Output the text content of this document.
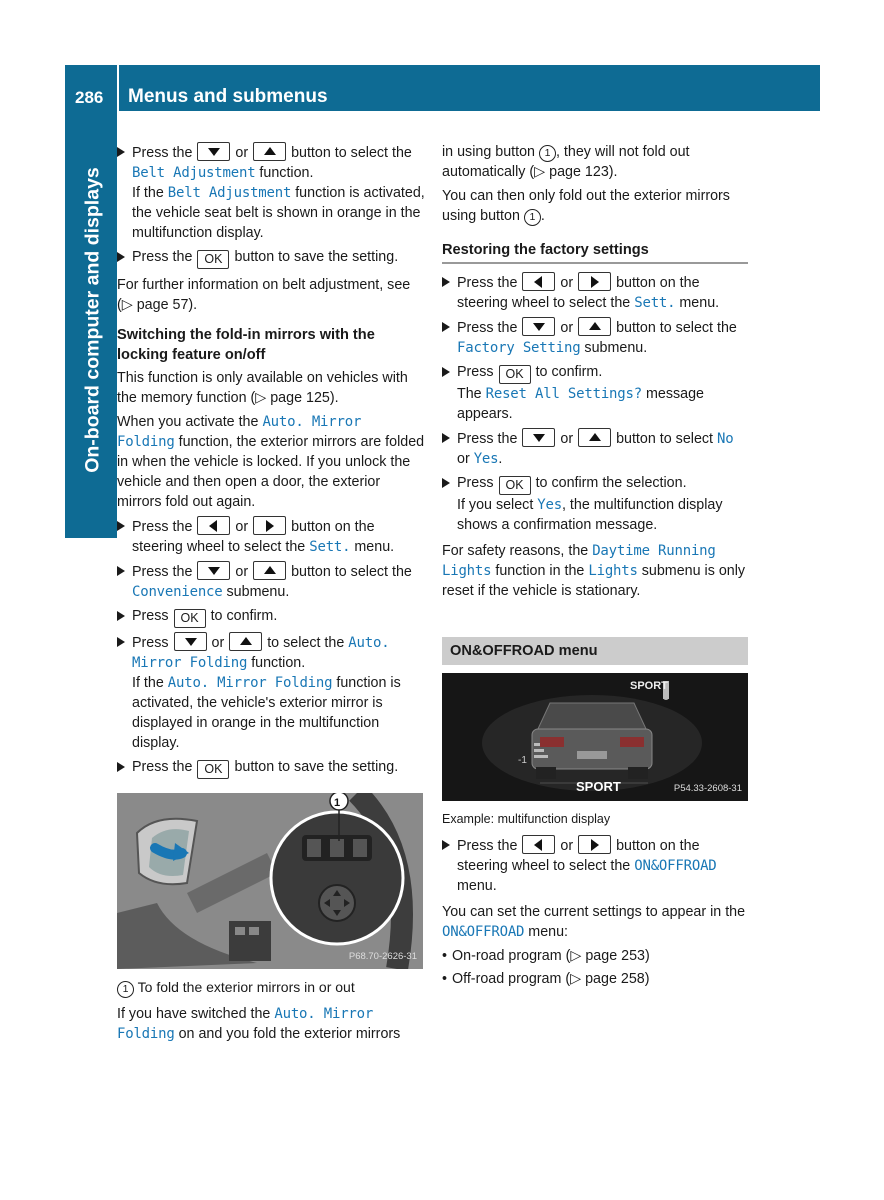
286 Menus and submenus
On-board computer and displays
Press the	or	button to select the Belt Adjustment function.
If the Belt Adjustment function is activated, the vehicle seat belt is shown in orange in the multifunction display.
Press the OK button to save the setting.

For further information on belt adjustment, see (▷ page 57).

Switching the fold-in mirrors with the locking feature on/off

This function is only available on vehicles with the memory function (▷ page 125).

When you activate the Auto. Mirror Folding function, the exterior mirrors are folded in when the vehicle is locked. If you unlock the vehicle and then open a door, the exterior mirrors fold out again.

Press the	or	button on the steering wheel to select the Sett. menu.
Press the	or	button to select the Convenience submenu.
Press OK to confirm.
Press	or	to select the Auto. Mirror Folding function.
If the Auto. Mirror Folding function is activated, the vehicle's exterior mirror is displayed in orange in the multifunction display.
Press the OK button to save the setting.
1
P68.70-2626-31

1 To fold the exterior mirrors in or out

If you have switched the Auto. Mirror Folding on and you fold the exterior mirrors

in using button 1 , they will not fold out automatically (▷ page 123).

You can then only fold out the exterior mirrors using button 1 .

Restoring the factory settings
Press the	or	button on the steering wheel to select the Sett. menu.
Press the	or	button to select the Factory Setting submenu.
Press OK to confirm.
The Reset All Settings? message appears.
Press the	or	button to select No or Yes.
Press OK to confirm the selection.
If you select Yes, the multifunction display shows a confirmation message.

For safety reasons, the Daytime Running Lights function in the Lights submenu is only reset if the vehicle is stationary.

ON&OFFROAD menu
SPORT
SPORT
-1
P54.33-2608-31

Example: multifunction display

Press the	or	button on the steering wheel to select the ON&OFFROAD menu.

You can set the current settings to appear in the ON&OFFROAD menu:

• On-road program (▷ page 253)
• Off-road program (▷ page 258)
